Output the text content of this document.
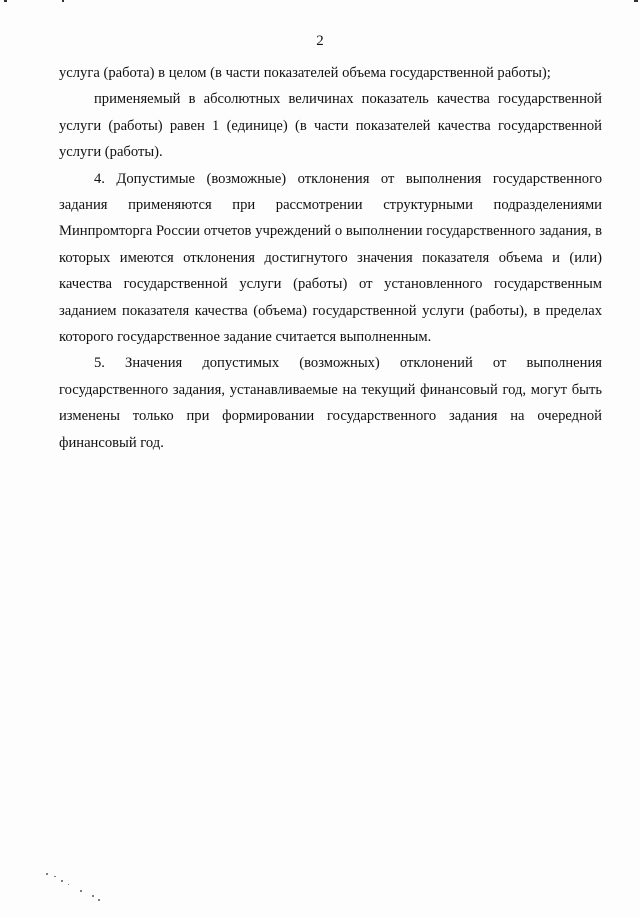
2

услуга (работа) в целом (в части показателей объема государственной работы);

применяемый в абсолютных величинах показатель качества государственной услуги (работы) равен 1 (единице) (в части показателей качества государственной услуги (работы).

4. Допустимые (возможные) отклонения от выполнения государственного задания применяются при рассмотрении структурными подразделениями Минпромторга России отчетов учреждений о выполнении государственного задания, в которых имеются отклонения достигнутого значения показателя объема и (или) качества государственной услуги (работы) от установленного государственным заданием показателя качества (объема) государственной услуги (работы), в пределах которого государственное задание считается выполненным.

5. Значения допустимых (возможных) отклонений от выполнения государственного задания, устанавливаемые на текущий финансовый год, могут быть изменены только при формировании государственного задания на очередной финансовый год.
